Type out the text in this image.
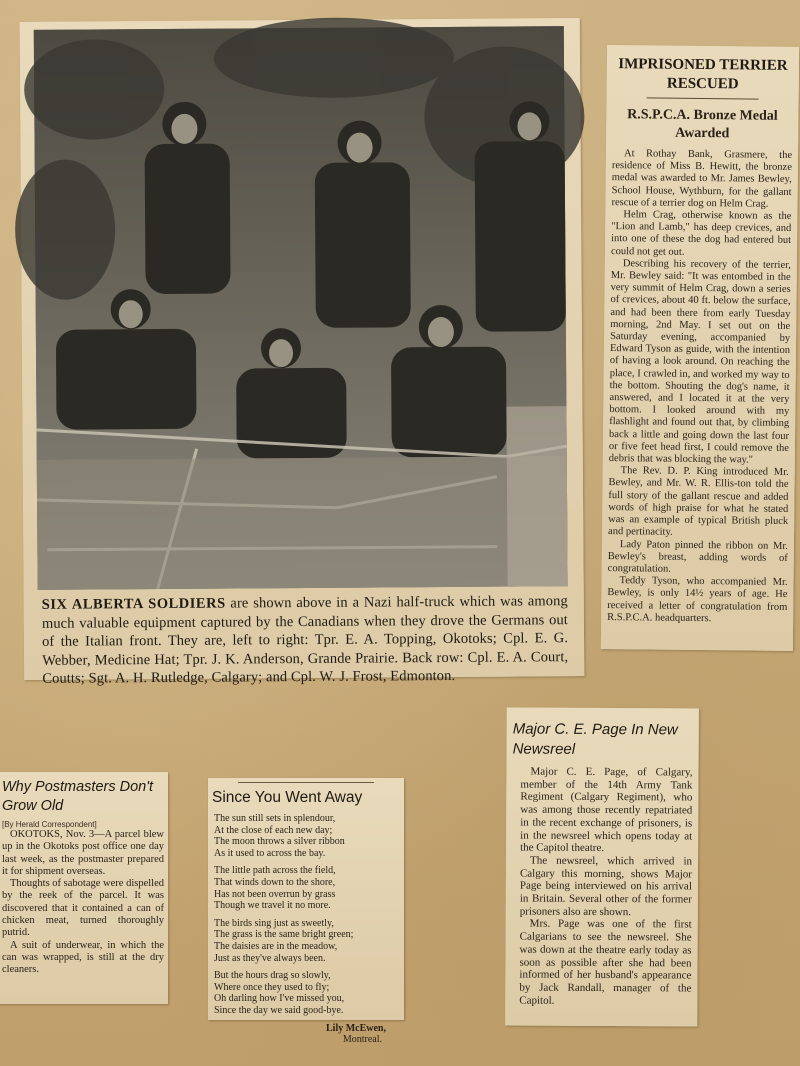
SIX ALBERTA SOLDIERS are shown above in a Nazi half-truck which was among much valuable equipment captured by the Canadians when they drove the Germans out of the Italian front. They are, left to right: Tpr. E. A. Topping, Okotoks; Cpl. E. G. Webber, Medicine Hat; Tpr. J. K. Anderson, Grande Prairie. Back row: Cpl. E. A. Court, Coutts; Sgt. A. H. Rutledge, Calgary; and Cpl. W. J. Frost, Edmonton.
IMPRISONED TERRIER RESCUED
R.S.P.C.A. Bronze Medal Awarded

At Rothay Bank, Grasmere, the residence of Miss B. Hewitt, the bronze medal was awarded to Mr. James Bewley, School House, Wythburn, for the gallant rescue of a terrier dog on Helm Crag.

Helm Crag, otherwise known as the "Lion and Lamb," has deep crevices, and into one of these the dog had entered but could not get out.

Describing his recovery of the terrier, Mr. Bewley said: "It was entombed in the very summit of Helm Crag, down a series of crevices, about 40 ft. below the surface, and had been there from early Tuesday morning, 2nd May. I set out on the Saturday evening, accompanied by Edward Tyson as guide, with the intention of having a look around. On reaching the place, I crawled in, and worked my way to the bottom. Shouting the dog's name, it answered, and I located it at the very bottom. I looked around with my flashlight and found out that, by climbing back a little and going down the last four or five feet head first, I could remove the debris that was blocking the way."

The Rev. D. P. King introduced Mr. Bewley, and Mr. W. R. Ellis-ton told the full story of the gallant rescue and added words of high praise for what he stated was an example of typical British pluck and pertinacity.

Lady Paton pinned the ribbon on Mr. Bewley's breast, adding words of congratulation.

Teddy Tyson, who accompanied Mr. Bewley, is only 14½ years of age. He received a letter of congratulation from R.S.P.C.A. headquarters.

Why Postmasters Don't Grow Old
[By Herald Correspondent]

OKOTOKS, Nov. 3—A parcel blew up in the Okotoks post office one day last week, as the postmaster prepared it for shipment overseas.

Thoughts of sabotage were dispelled by the reek of the parcel. It was discovered that it contained a can of chicken meat, turned thoroughly putrid.

A suit of underwear, in which the can was wrapped, is still at the dry cleaners.

Since You Went Away
The sun still sets in splendour,
At the close of each new day;
The moon throws a silver ribbon
As it used to across the bay.
The little path across the field,
That winds down to the shore,
Has not been overrun by grass
Though we travel it no more.
The birds sing just as sweetly,
The grass is the same bright green;
The daisies are in the meadow,
Just as they've always been.
But the hours drag so slowly,
Where once they used to fly;
Oh darling how I've missed you,
Since the day we said good-bye.
Lily McEwen,
Montreal.
Major C. E. Page In New Newsreel

Major C. E. Page, of Calgary, member of the 14th Army Tank Regiment (Calgary Regiment), who was among those recently repatriated in the recent exchange of prisoners, is in the newsreel which opens today at the Capitol theatre.

The newsreel, which arrived in Calgary this morning, shows Major Page being interviewed on his arrival in Britain. Several other of the former prisoners also are shown.

Mrs. Page was one of the first Calgarians to see the newsreel. She was down at the theatre early today as soon as possible after she had been informed of her husband's appearance by Jack Randall, manager of the Capitol.
